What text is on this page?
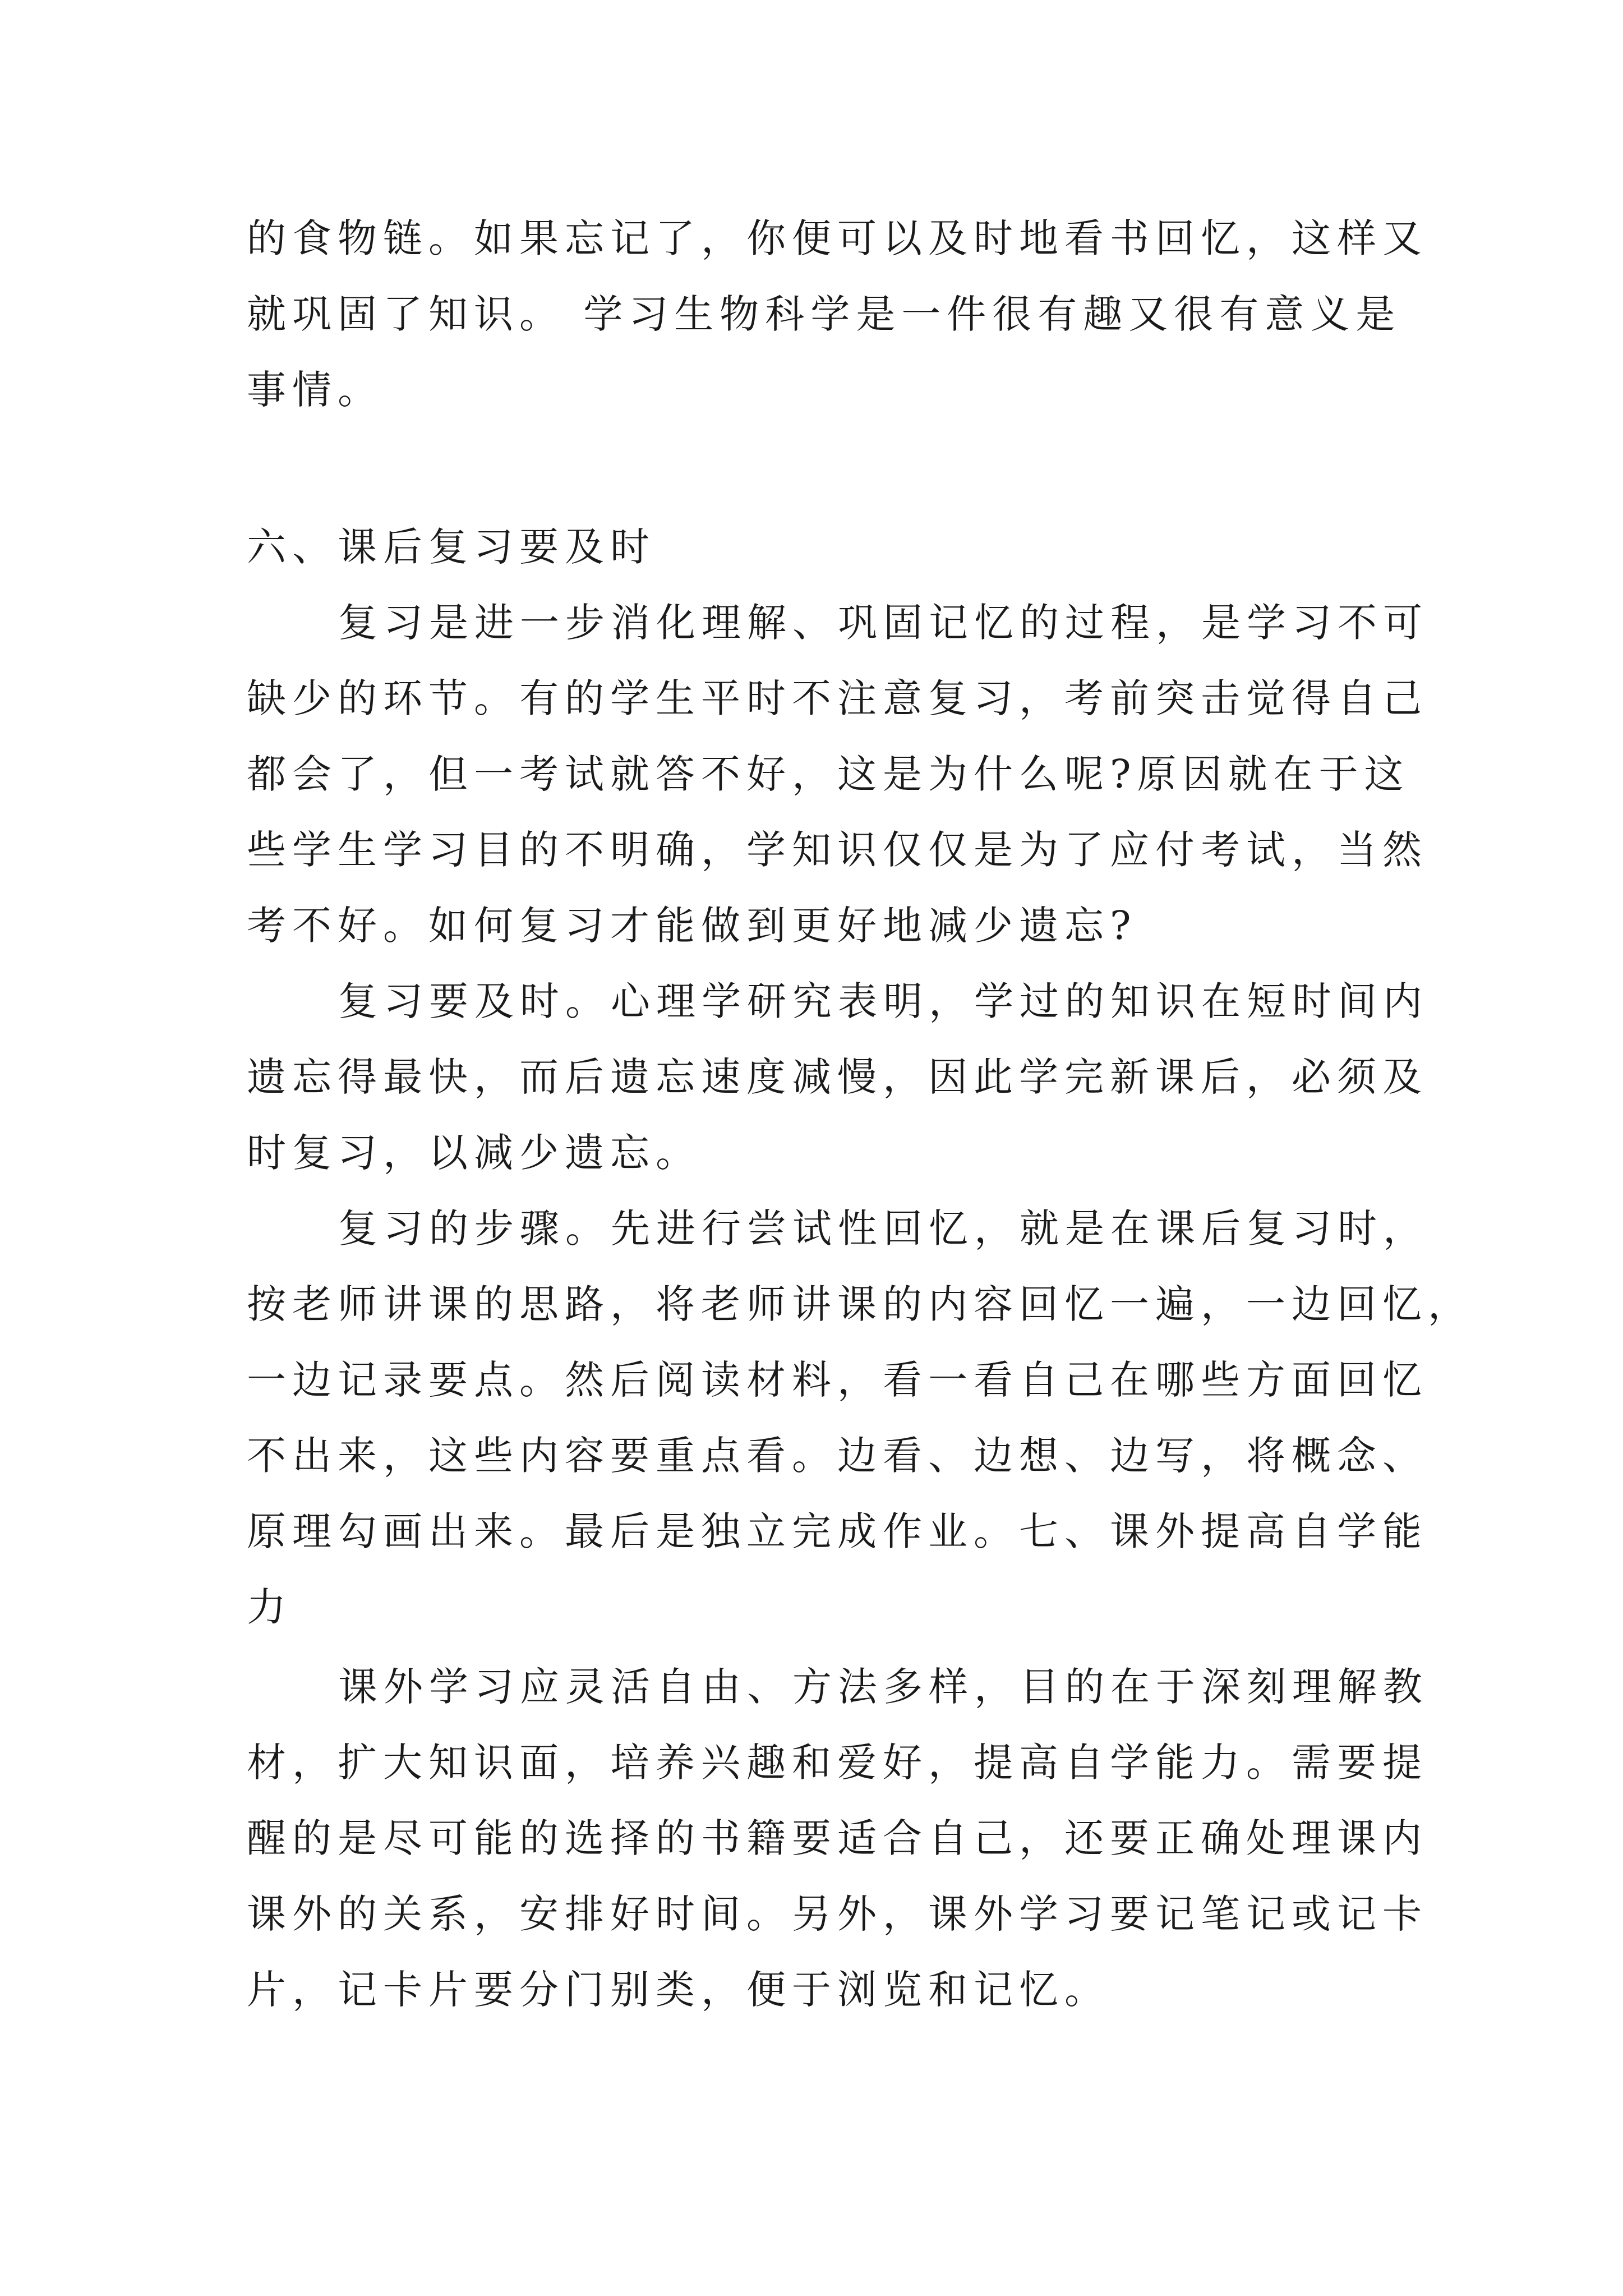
的食物链。如果忘记了，你便可以及时地看书回忆，这样又

就巩固了知识。 学习生物科学是一件很有趣又很有意义是

事情。

六、课后复习要及时

复习是进一步消化理解、巩固记忆的过程，是学习不可

缺少的环节。有的学生平时不注意复习，考前突击觉得自己

都会了，但一考试就答不好，这是为什么呢?原因就在于这

些学生学习目的不明确，学知识仅仅是为了应付考试，当然

考不好。如何复习才能做到更好地减少遗忘?

复习要及时。心理学研究表明，学过的知识在短时间内

遗忘得最快，而后遗忘速度减慢，因此学完新课后，必须及

时复习，以减少遗忘。

复习的步骤。先进行尝试性回忆，就是在课后复习时，

按老师讲课的思路，将老师讲课的内容回忆一遍，一边回忆，

一边记录要点。然后阅读材料，看一看自己在哪些方面回忆

不出来，这些内容要重点看。边看、边想、边写，将概念、

原理勾画出来。最后是独立完成作业。七、课外提高自学能

力

课外学习应灵活自由、方法多样，目的在于深刻理解教

材，扩大知识面，培养兴趣和爱好，提高自学能力。需要提

醒的是尽可能的选择的书籍要适合自己，还要正确处理课内

课外的关系，安排好时间。另外，课外学习要记笔记或记卡

片，记卡片要分门别类，便于浏览和记忆。
